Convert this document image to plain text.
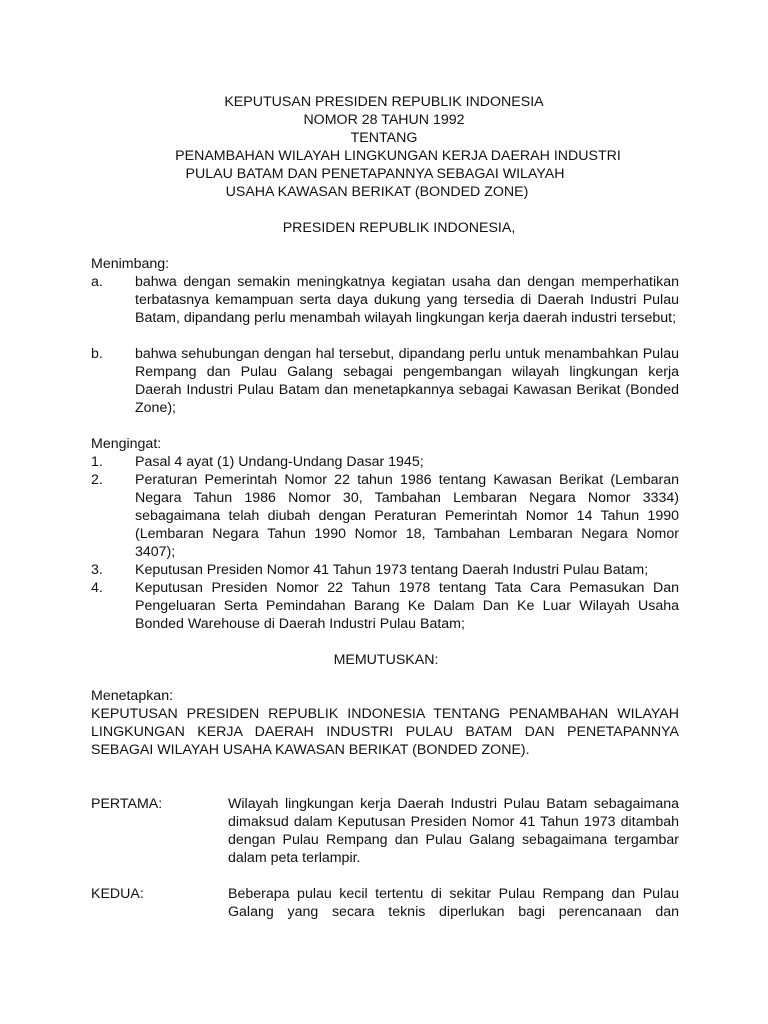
KEPUTUSAN PRESIDEN REPUBLIK INDONESIA
NOMOR 28 TAHUN 1992
TENTANG
PENAMBAHAN WILAYAH LINGKUNGAN KERJA DAERAH INDUSTRI
PULAU BATAM DAN PENETAPANNYA SEBAGAI WILAYAH
USAHA KAWASAN BERIKAT (BONDED ZONE)
PRESIDEN REPUBLIK INDONESIA,
Menimbang:
a. bahwa dengan semakin meningkatnya kegiatan usaha dan dengan memperhatikan terbatasnya kemampuan serta daya dukung yang tersedia di Daerah Industri Pulau Batam, dipandang perlu menambah wilayah lingkungan kerja daerah industri tersebut;
b. bahwa sehubungan dengan hal tersebut, dipandang perlu untuk menambahkan Pulau Rempang dan Pulau Galang sebagai pengembangan wilayah lingkungan kerja Daerah Industri Pulau Batam dan menetapkannya sebagai Kawasan Berikat (Bonded Zone);
Mengingat:
1. Pasal 4 ayat (1) Undang-Undang Dasar 1945;
2. Peraturan Pemerintah Nomor 22 tahun 1986 tentang Kawasan Berikat (Lembaran Negara Tahun 1986 Nomor 30, Tambahan Lembaran Negara Nomor 3334) sebagaimana telah diubah dengan Peraturan Pemerintah Nomor 14 Tahun 1990 (Lembaran Negara Tahun 1990 Nomor 18, Tambahan Lembaran Negara Nomor 3407);
3. Keputusan Presiden Nomor 41 Tahun 1973 tentang Daerah Industri Pulau Batam;
4. Keputusan Presiden Nomor 22 Tahun 1978 tentang Tata Cara Pemasukan Dan Pengeluaran Serta Pemindahan Barang Ke Dalam Dan Ke Luar Wilayah Usaha Bonded Warehouse di Daerah Industri Pulau Batam;
MEMUTUSKAN:
Menetapkan:
KEPUTUSAN PRESIDEN REPUBLIK INDONESIA TENTANG PENAMBAHAN WILAYAH LINGKUNGAN KERJA DAERAH INDUSTRI PULAU BATAM DAN PENETAPANNYA SEBAGAI WILAYAH USAHA KAWASAN BERIKAT (BONDED ZONE).
PERTAMA:	Wilayah lingkungan kerja Daerah Industri Pulau Batam sebagaimana dimaksud dalam Keputusan Presiden Nomor 41 Tahun 1973 ditambah dengan Pulau Rempang dan Pulau Galang sebagaimana tergambar dalam peta terlampir.
KEDUA:	Beberapa pulau kecil tertentu di sekitar Pulau Rempang dan Pulau Galang yang secara teknis diperlukan bagi perencanaan dan
